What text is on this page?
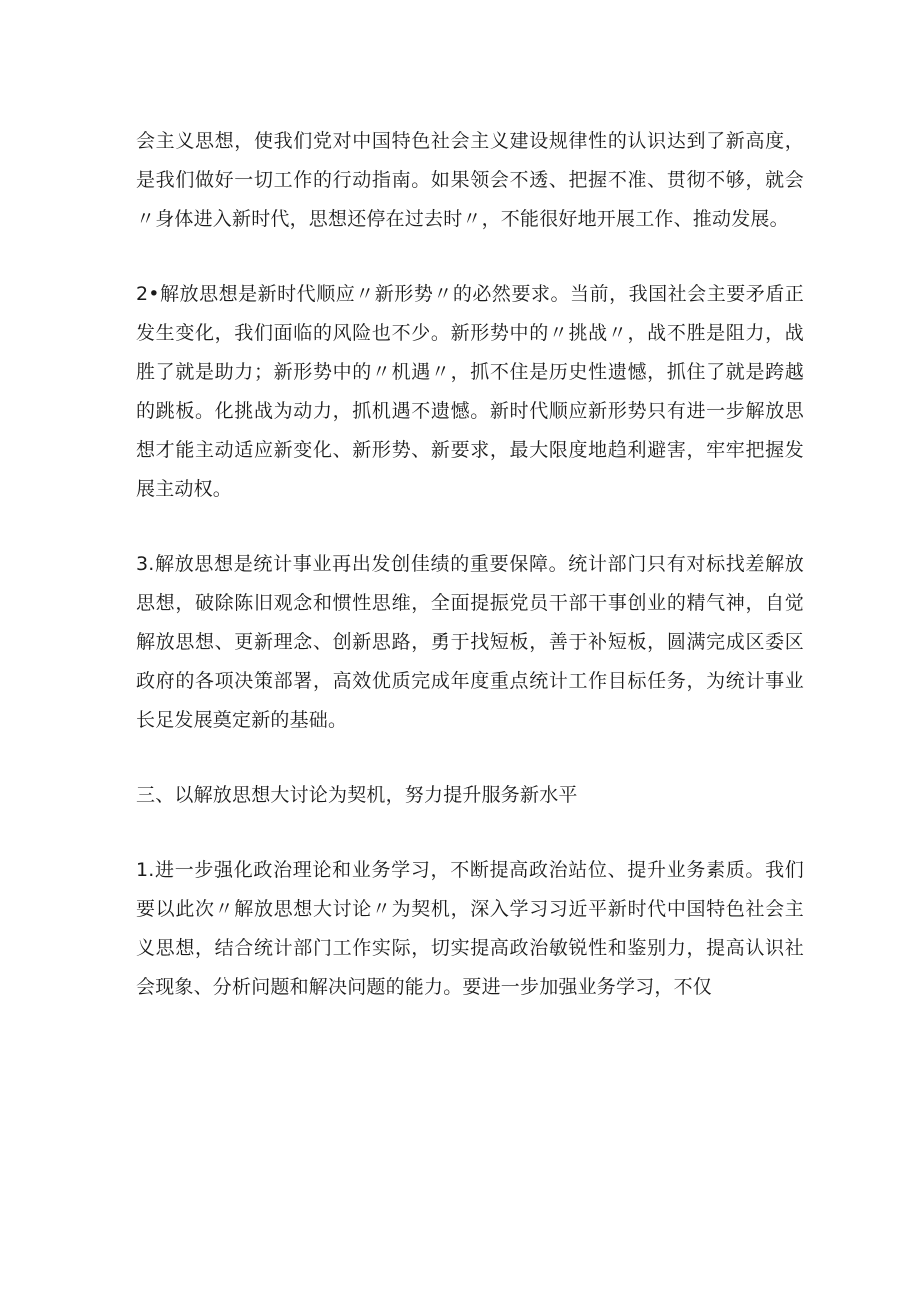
会主义思想，使我们党对中国特色社会主义建设规律性的认识达到了新高度，是我们做好一切工作的行动指南。如果领会不透、把握不准、贯彻不够，就会〃身体进入新时代，思想还停在过去时〃，不能很好地开展工作、推动发展。

2•解放思想是新时代顺应〃新形势〃的必然要求。当前，我国社会主要矛盾正发生变化，我们面临的风险也不少。新形势中的〃挑战〃，战不胜是阻力，战胜了就是助力；新形势中的〃机遇〃，抓不住是历史性遗憾，抓住了就是跨越的跳板。化挑战为动力，抓机遇不遗憾。新时代顺应新形势只有进一步解放思想才能主动适应新变化、新形势、新要求，最大限度地趋利避害，牢牢把握发展主动权。

3.解放思想是统计事业再出发创佳绩的重要保障。统计部门只有对标找差解放思想，破除陈旧观念和惯性思维，全面提振党员干部干事创业的精气神，自觉解放思想、更新理念、创新思路，勇于找短板，善于补短板，圆满完成区委区政府的各项决策部署，高效优质完成年度重点统计工作目标任务，为统计事业长足发展奠定新的基础。

三、以解放思想大讨论为契机，努力提升服务新水平

1.进一步强化政治理论和业务学习，不断提高政治站位、提升业务素质。我们要以此次〃解放思想大讨论〃为契机，深入学习习近平新时代中国特色社会主义思想，结合统计部门工作实际，切实提高政治敏锐性和鉴别力，提高认识社会现象、分析问题和解决问题的能力。要进一步加强业务学习，不仅
